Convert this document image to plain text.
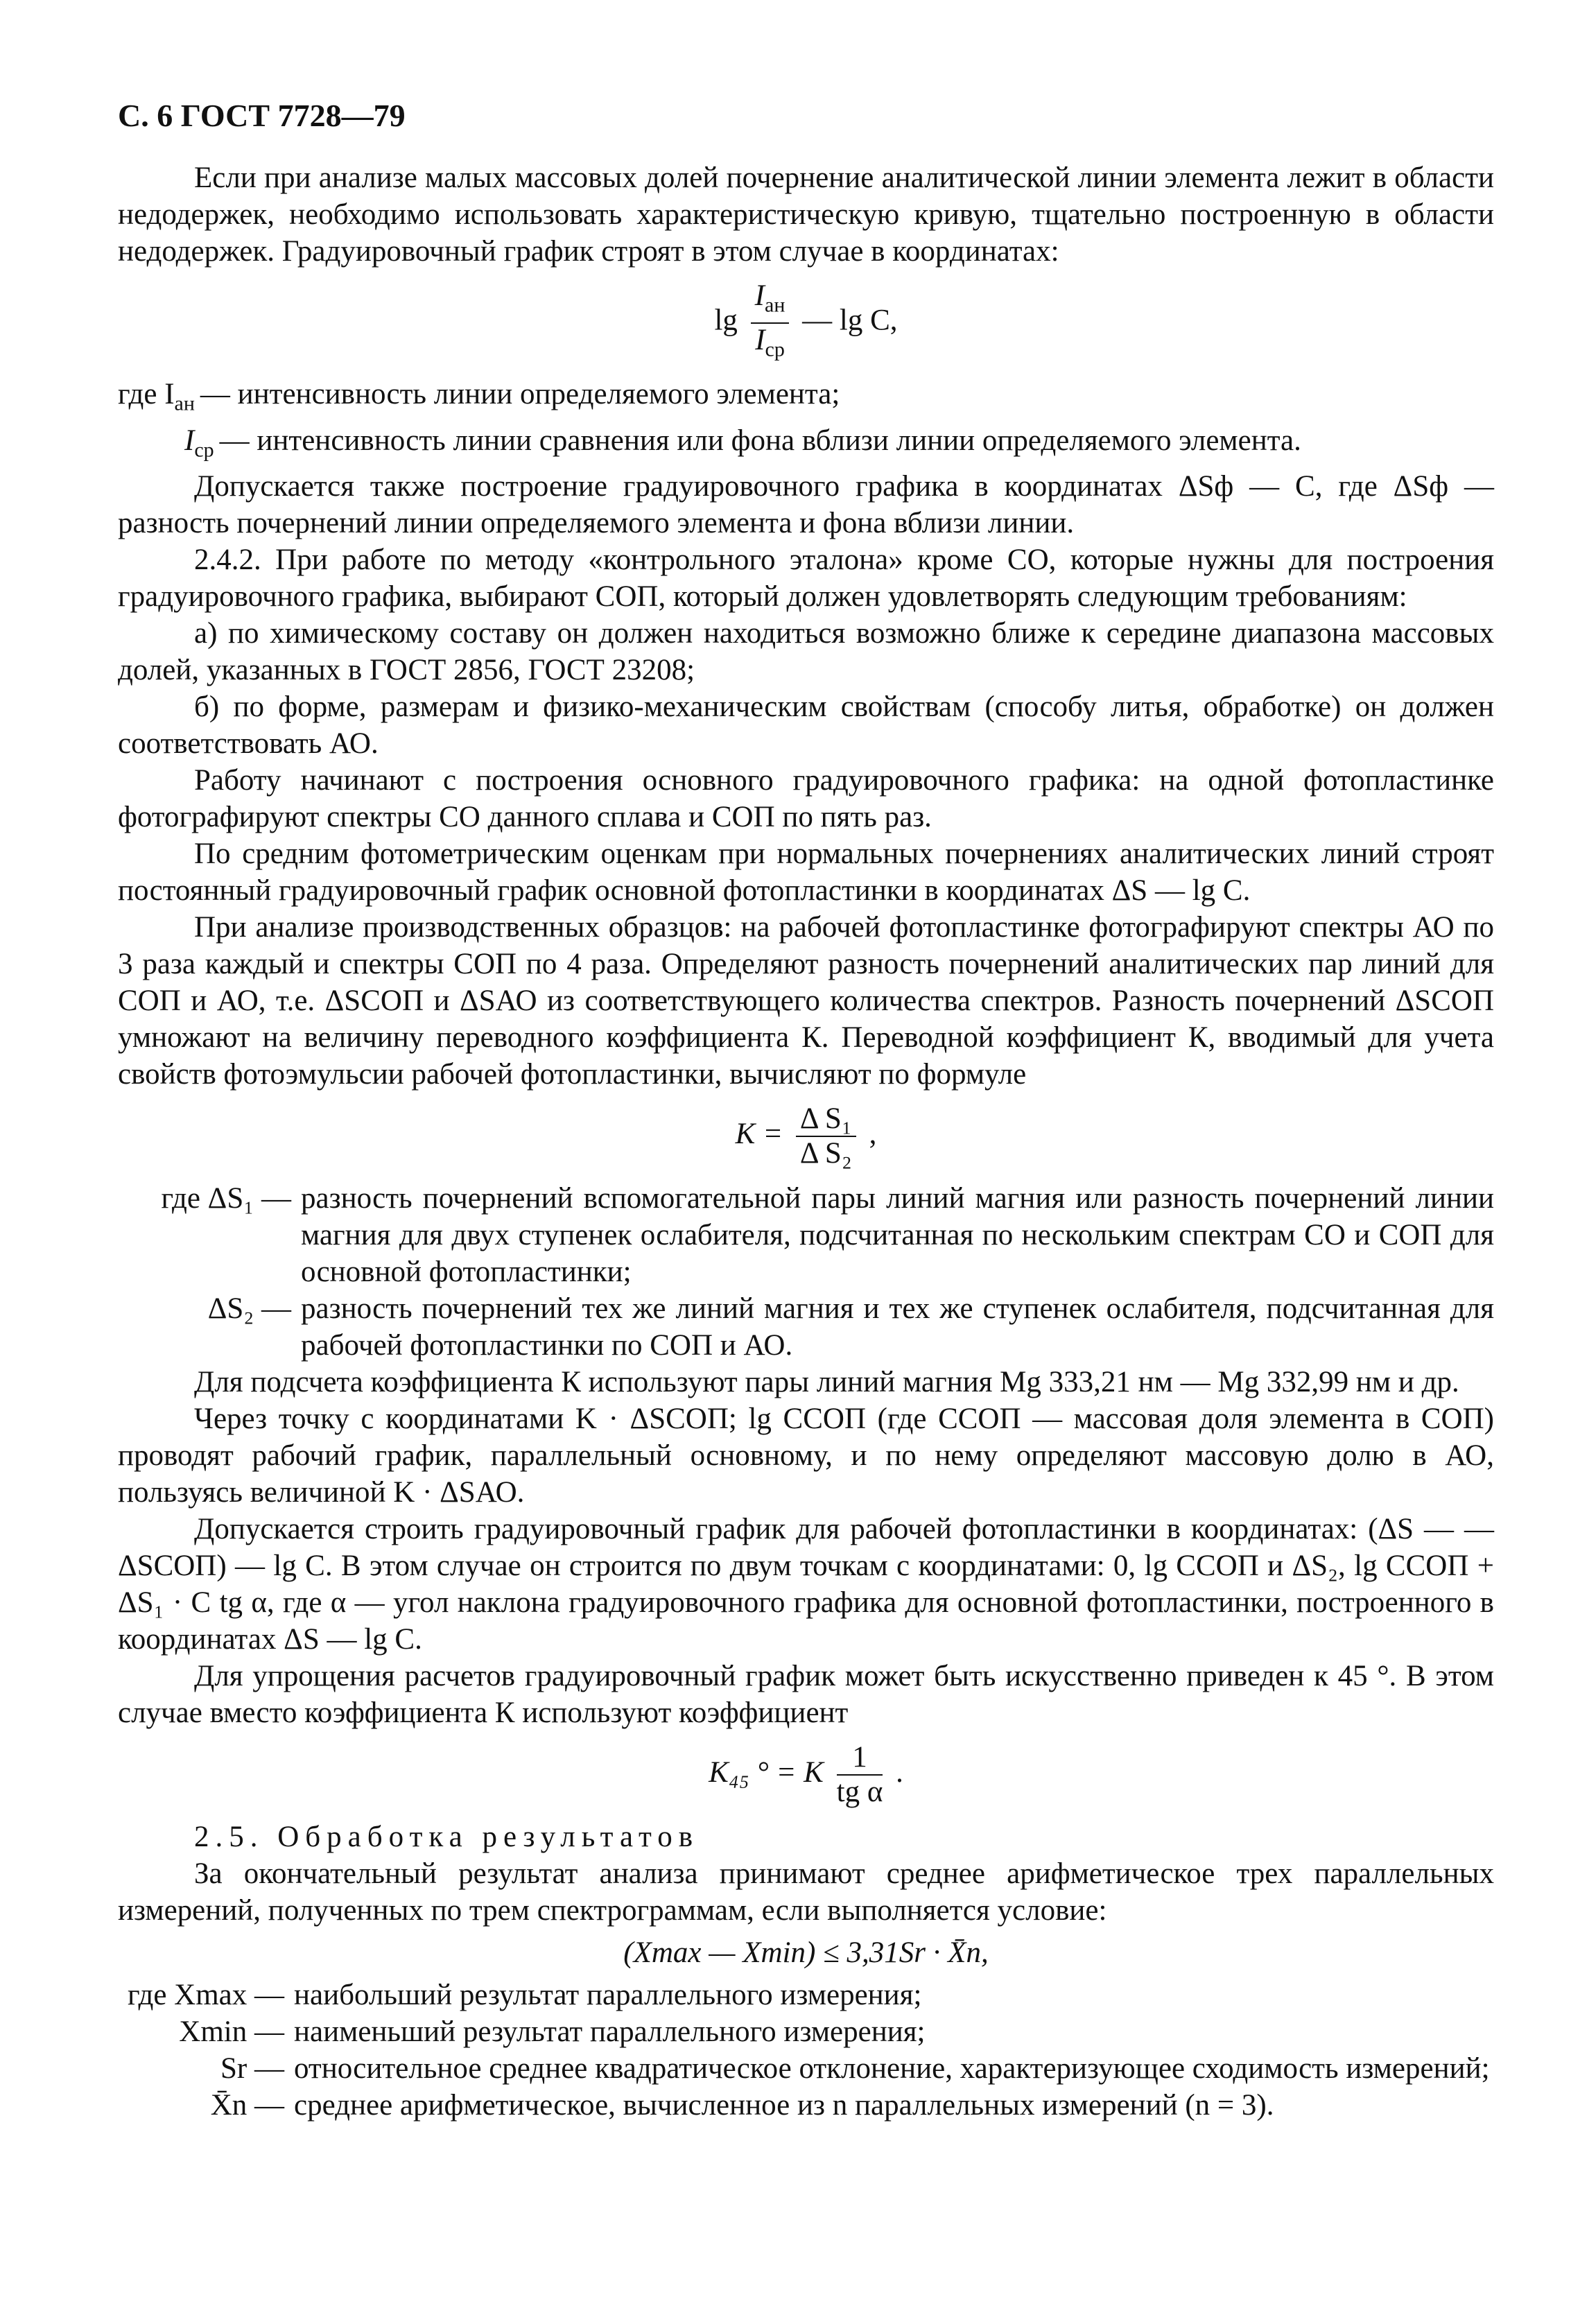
С. 6 ГОСТ 7728—79

Если при анализе малых массовых долей почернение аналитической линии элемента лежит в области недодержек, необходимо использовать характеристическую кривую, тщательно построенную в области недодержек. Градуировочный график строят в этом случае в координатах:

$\lg \frac{I_{ан}}{I_{ср}}$ — lg C,
где $I_{ан}$ — интенсивность линии определяемого элемента;
$I_{ср}$ — интенсивность линии сравнения или фона вблизи линии определяемого элемента.

Допускается также построение градуировочного графика в координатах ΔSф — С, где ΔSф — разность почернений линии определяемого элемента и фона вблизи линии.

2.4.2. При работе по методу «контрольного эталона» кроме СО, которые нужны для построения градуировочного графика, выбирают СОП, который должен удовлетворять следующим требованиям:

а) по химическому составу он должен находиться возможно ближе к середине диапазона массовых долей, указанных в ГОСТ 2856, ГОСТ 23208;

б) по форме, размерам и физико-механическим свойствам (способу литья, обработке) он должен соответствовать АО.

Работу начинают с построения основного градуировочного графика: на одной фотопластинке фотографируют спектры СО данного сплава и СОП по пять раз.

По средним фотометрическим оценкам при нормальных почернениях аналитических линий строят постоянный градуировочный график основной фотопластинки в координатах ΔS — lg C.

При анализе производственных образцов: на рабочей фотопластинке фотографируют спектры АО по 3 раза каждый и спектры СОП по 4 раза. Определяют разность почернений аналитических пар линий для СОП и АО, т.е. ΔSСОП и ΔSАО из соответствующего количества спектров. Разность почернений ΔSСОП умножают на величину переводного коэффициента К. Переводной коэффициент К, вводимый для учета свойств фотоэмульсии рабочей фотопластинки, вычисляют по формуле

$K = \frac{\text{Δ S₁}}{\text{Δ S₂}}$ ,
где ΔS₁ — разность почернений вспомогательной пары линий магния или разность почернений линии магния для двух ступенек ослабителя, подсчитанная по нескольким спектрам СО и СОП для основной фотопластинки;
ΔS₂ — разность почернений тех же линий магния и тех же ступенек ослабителя, подсчитанная для рабочей фотопластинки по СОП и АО.

Для подсчета коэффициента К используют пары линий магния Mg 333,21 нм — Mg 332,99 нм и др.

Через точку с координатами K · ΔSСОП; lg CСОП (где CСОП — массовая доля элемента в СОП) проводят рабочий график, параллельный основному, и по нему определяют массовую долю в АО, пользуясь величиной K · ΔSАО.

Допускается строить градуировочный график для рабочей фотопластинки в координатах: (ΔS — — ΔSСОП) — lg C. В этом случае он строится по двум точкам с координатами: 0, lg CСОП и ΔS₂, lg CСОП + ΔS₁ · C tg α, где α — угол наклона градуировочного графика для основной фотопластинки, построенного в координатах ΔS — lg C.

Для упрощения расчетов градуировочный график может быть искусственно приведен к 45 °. В этом случае вместо коэффициента К используют коэффициент

K₄₅ ° = K $\frac{1}{\text{tg α}}$ .

2.5. Обработка результатов

За окончательный результат анализа принимают среднее арифметическое трех параллельных измерений, полученных по трем спектрограммам, если выполняется условие:

(Xmax — Xmin) ≤ 3,31Sr · X̄n,
где Xmax — наибольший результат параллельного измерения;
Xmin — наименьший результат параллельного измерения;
Sr — относительное среднее квадратическое отклонение, характеризующее сходимость измерений;
X̄n — среднее арифметическое, вычисленное из n параллельных измерений (n = 3).
